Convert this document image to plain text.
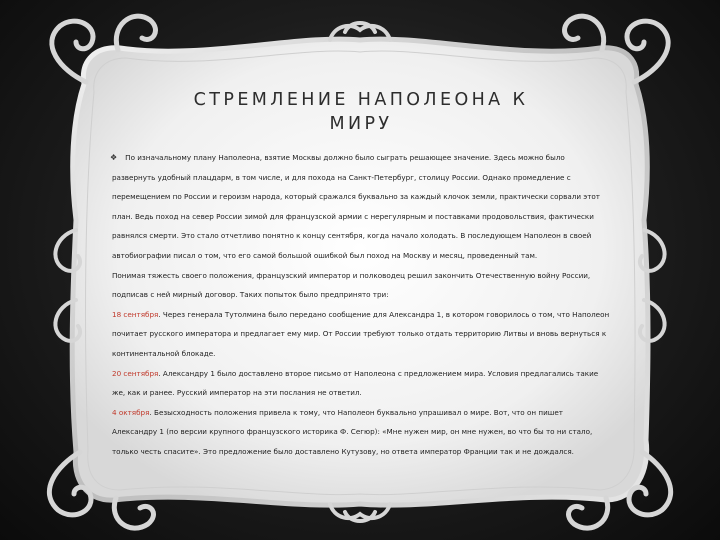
СТРЕМЛЕНИЕ НАПОЛЕОНА К
МИРУ

❖ По изначальному плану Наполеона, взятие Москвы должно было сыграть решающее значение. Здесь можно было развернуть удобный плацдарм, в том числе, и для похода на Санкт-Петербург, столицу России. Однако промедление с перемещением по России и героизм народа, который сражался буквально за каждый клочок земли, практически сорвали этот план. Ведь поход на север России зимой для французской армии с нерегулярным и поставками продовольствия, фактически равнялся смерти. Это стало отчетливо понятно к концу сентября, когда начало холодать. В последующем Наполеон в своей автобиографии писал о том, что его самой большой ошибкой был поход на Москву и месяц, проведенный там.

Понимая тяжесть своего положения, французский император и полководец решил закончить Отечественную войну России, подписав с ней мирный договор. Таких попыток было предпринято три:

18 сентября. Через генерала Тутолмина было передано сообщение для Александра 1, в котором говорилось о том, что Наполеон почитает русского императора и предлагает ему мир. От России требуют только отдать территорию Литвы и вновь вернуться к континентальной блокаде.

20 сентября. Александру 1 было доставлено второе письмо от Наполеона с предложением мира. Условия предлагались такие же, как и ранее. Русский император на эти послания не ответил.

4 октября. Безысходность положения привела к тому, что Наполеон буквально упрашивал о мире. Вот, что он пишет Александру 1 (по версии крупного французского историка Ф. Сегюр): «Мне нужен мир, он мне нужен, во что бы то ни стало, только честь спасите». Это предложение было доставлено Кутузову, но ответа император Франции так и не дождался.
